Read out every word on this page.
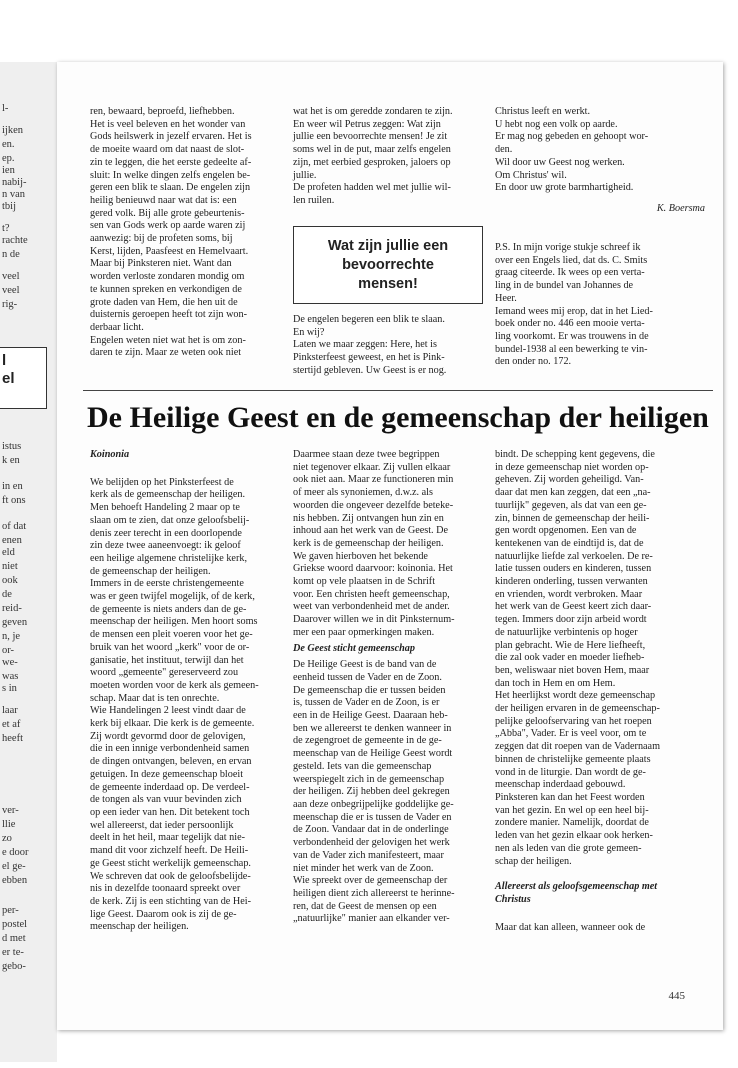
l-
ijken
en.
ep.
ien
nabij-
n van
tbij
t?
rachte
n de
veel
veel
rig-
istus
k en
in en
ft ons
of dat
enen
eld
niet
ook
de
reid-
geven
n, je
or-
we-
was
s in
laar
et af
heeft
ver-
llie
zo
e door
el ge-
ebben
per-
postel
d met
er te-
gebo-
l
el

ren, bewaard, beproefd, liefhebben.

Het is veel beleven en het wonder van

Gods heilswerk in jezelf ervaren. Het is

de moeite waard om dat naast de slot-

zin te leggen, die het eerste gedeelte af-

sluit: In welke dingen zelfs engelen be-

geren een blik te slaan. De engelen zijn

heilig benieuwd naar wat dat is: een

gered volk. Bij alle grote gebeurtenis-

sen van Gods werk op aarde waren zij

aanwezig: bij de profeten soms, bij

Kerst, lijden, Paasfeest en Hemelvaart.

Maar bij Pinksteren niet. Want dan

worden verloste zondaren mondig om

te kunnen spreken en verkondigen de

grote daden van Hem, die hen uit de

duisternis geroepen heeft tot zijn won-

derbaar licht.

Engelen weten niet wat het is om zon-

daren te zijn. Maar ze weten ook niet

wat het is om geredde zondaren te zijn.

En weer wil Petrus zeggen: Wat zijn

jullie een bevoorrechte mensen! Je zit

soms wel in de put, maar zelfs engelen

zijn, met eerbied gesproken, jaloers op

jullie.

De profeten hadden wel met jullie wil-

len ruilen.

Wat zijn jullie een bevoorrechte mensen!

De engelen begeren een blik te slaan.

En wij?

Laten we maar zeggen: Here, het is

Pinksterfeest geweest, en het is Pink-

stertijd gebleven. Uw Geest is er nog.

Christus leeft en werkt.

U hebt nog een volk op aarde.

Er mag nog gebeden en gehoopt wor-

den.

Wil door uw Geest nog werken.

Om Christus' wil.

En door uw grote barmhartigheid.

K. Boersma

P.S. In mijn vorige stukje schreef ik

over een Engels lied, dat ds. C. Smits

graag citeerde. Ik wees op een verta-

ling in de bundel van Johannes de

Heer.

Iemand wees mij erop, dat in het Lied-

boek onder no. 446 een mooie verta-

ling voorkomt. Er was trouwens in de

bundel-1938 al een bewerking te vin-

den onder no. 172.

De Heilige Geest en de gemeenschap der heiligen

Koinonia

We belijden op het Pinksterfeest de

kerk als de gemeenschap der heiligen.

Men behoeft Handeling 2 maar op te

slaan om te zien, dat onze geloofsbelij-

denis zeer terecht in een doorlopende

zin deze twee aaneenvoegt: ik geloof

een heilige algemene christelijke kerk,

de gemeenschap der heiligen.

Immers in de eerste christengemeente

was er geen twijfel mogelijk, of de kerk,

de gemeente is niets anders dan de ge-

meenschap der heiligen. Men hoort soms

de mensen een pleit voeren voor het ge-

bruik van het woord „kerk" voor de or-

ganisatie, het instituut, terwijl dan het

woord „gemeente" gereserveerd zou

moeten worden voor de kerk als gemeen-

schap. Maar dat is ten onrechte.

Wie Handelingen 2 leest vindt daar de

kerk bij elkaar. Die kerk is de gemeente.

Zij wordt gevormd door de gelovigen,

die in een innige verbondenheid samen

de dingen ontvangen, beleven, en ervan

getuigen. In deze gemeenschap bloeit

de gemeente inderdaad op. De verdeel-

de tongen als van vuur bevinden zich

op een ieder van hen. Dit betekent toch

wel allereerst, dat ieder persoonlijk

deelt in het heil, maar tegelijk dat nie-

mand dit voor zichzelf heeft. De Heili-

ge Geest sticht werkelijk gemeenschap.

We schreven dat ook de geloofsbelijde-

nis in dezelfde toonaard spreekt over

de kerk. Zij is een stichting van de Hei-

lige Geest. Daarom ook is zij de ge-

meenschap der heiligen.

Daarmee staan deze twee begrippen

niet tegenover elkaar. Zij vullen elkaar

ook niet aan. Maar ze functioneren min

of meer als synoniemen, d.w.z. als

woorden die ongeveer dezelfde beteke-

nis hebben. Zij ontvangen hun zin en

inhoud aan het werk van de Geest. De

kerk is de gemeenschap der heiligen.

We gaven hierboven het bekende

Griekse woord daarvoor: koinonia. Het

komt op vele plaatsen in de Schrift

voor. Een christen heeft gemeenschap,

weet van verbondenheid met de ander.

Daarover willen we in dit Pinksternum-

mer een paar opmerkingen maken.

De Geest sticht gemeenschap

De Heilige Geest is de band van de

eenheid tussen de Vader en de Zoon.

De gemeenschap die er tussen beiden

is, tussen de Vader en de Zoon, is er

een in de Heilige Geest. Daaraan heb-

ben we allereerst te denken wanneer in

de zegengroet de gemeente in de ge-

meenschap van de Heilige Geest wordt

gesteld. Iets van die gemeenschap

weerspiegelt zich in de gemeenschap

der heiligen. Zij hebben deel gekregen

aan deze onbegrijpelijke goddelijke ge-

meenschap die er is tussen de Vader en

de Zoon. Vandaar dat in de onderlinge

verbondenheid der gelovigen het werk

van de Vader zich manifesteert, maar

niet minder het werk van de Zoon.

Wie spreekt over de gemeenschap der

heiligen dient zich allereerst te herinne-

ren, dat de Geest de mensen op een

„natuurlijke" manier aan elkander ver-

bindt. De schepping kent gegevens, die

in deze gemeenschap niet worden op-

geheven. Zij worden geheiligd. Van-

daar dat men kan zeggen, dat een „na-

tuurlijk" gegeven, als dat van een ge-

zin, binnen de gemeenschap der heili-

gen wordt opgenomen. Een van de

kentekenen van de eindtijd is, dat de

natuurlijke liefde zal verkoelen. De re-

latie tussen ouders en kinderen, tussen

kinderen onderling, tussen verwanten

en vrienden, wordt verbroken. Maar

het werk van de Geest keert zich daar-

tegen. Immers door zijn arbeid wordt

de natuurlijke verbintenis op hoger

plan gebracht. Wie de Here liefheeft,

die zal ook vader en moeder liefheb-

ben, weliswaar niet boven Hem, maar

dan toch in Hem en om Hem.

Het heerlijkst wordt deze gemeenschap

der heiligen ervaren in de gemeenschap-

pelijke geloofservaring van het roepen

„Abba", Vader. Er is veel voor, om te

zeggen dat dit roepen van de Vadernaam

binnen de christelijke gemeente plaats

vond in de liturgie. Dan wordt de ge-

meenschap inderdaad gebouwd.

Pinksteren kan dan het Feest worden

van het gezin. En wel op een heel bij-

zondere manier. Namelijk, doordat de

leden van het gezin elkaar ook herken-

nen als leden van die grote gemeen-

schap der heiligen.

Allereerst als geloofsgemeenschap met Christus

Maar dat kan alleen, wanneer ook de

445
